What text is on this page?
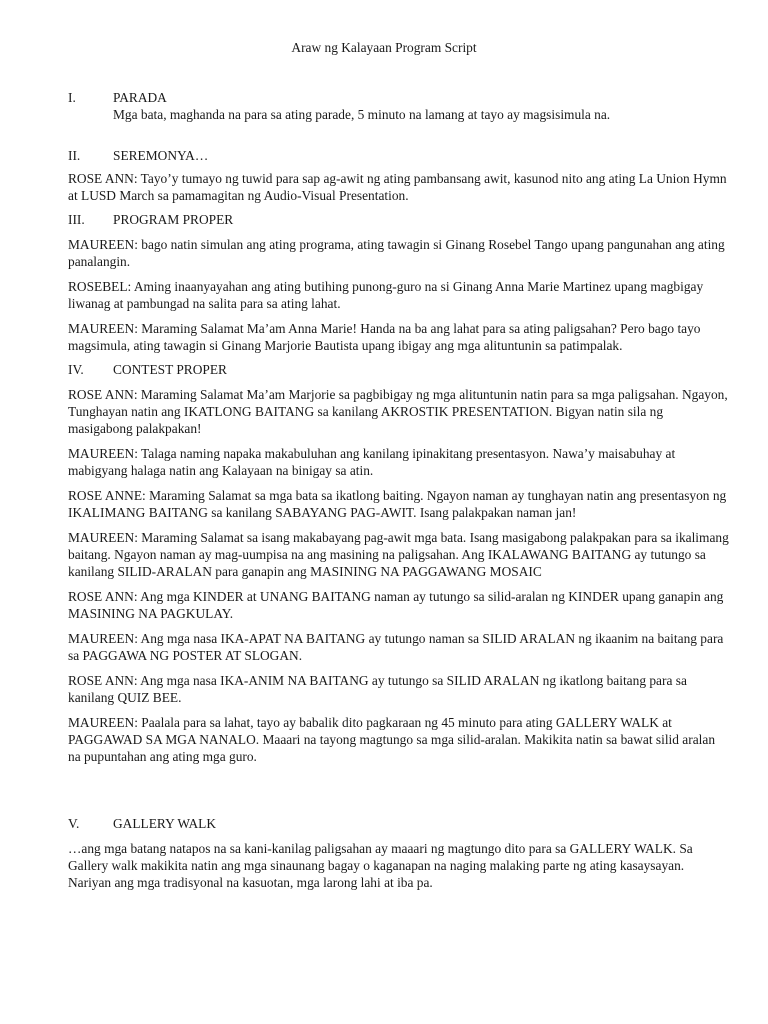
Araw ng Kalayaan Program Script
I.	PARADA
Mga bata, maghanda na para sa ating parade, 5 minuto na lamang at tayo ay magsisimula na.
II. SEREMONYA…
ROSE ANN: Tayo’y tumayo ng tuwid para sap ag-awit ng ating pambansang awit, kasunod nito ang ating La Union Hymn at LUSD March sa pamamagitan ng Audio-Visual Presentation.
III. PROGRAM PROPER
MAUREEN: bago natin simulan ang ating programa, ating tawagin si Ginang Rosebel Tango upang pangunahan ang ating panalangin.
ROSEBEL: Aming inaanyayahan ang ating butihing punong-guro na si Ginang Anna Marie Martinez upang magbigay liwanag at pambungad na salita para sa ating lahat.
MAUREEN: Maraming Salamat Ma’am Anna Marie! Handa na ba ang lahat para sa ating paligsahan? Pero bago tayo magsimula, ating tawagin si Ginang Marjorie Bautista upang ibigay ang mga alituntunin sa patimpalak.
IV. CONTEST PROPER
ROSE ANN: Maraming Salamat Ma’am Marjorie sa pagbibigay ng mga alituntunin natin para sa mga paligsahan. Ngayon, Tunghayan natin ang IKATLONG BAITANG sa kanilang AKROSTIK PRESENTATION. Bigyan natin sila ng masigabong palakpakan!
MAUREEN: Talaga naming napaka makabuluhan ang kanilang ipinakitang presentasyon. Nawa’y maisabuhay at mabigyang halaga natin ang Kalayaan na binigay sa atin.
ROSE ANNE: Maraming Salamat sa mga bata sa ikatlong baiting. Ngayon naman ay tunghayan natin ang presentasyon ng IKALIMANG BAITANG sa kanilang SABAYANG PAG-AWIT. Isang palakpakan naman jan!
MAUREEN: Maraming Salamat sa isang makabayang pag-awit mga bata. Isang masigabong palakpakan para sa ikalimang baitang. Ngayon naman ay mag-uumpisa na ang masining na paligsahan. Ang IKALAWANG BAITANG ay tutungo sa kanilang SILID-ARALAN para ganapin ang MASINING NA PAGGAWANG MOSAIC
ROSE ANN: Ang mga KINDER at UNANG BAITANG naman ay tutungo sa silid-aralan ng KINDER upang ganapin ang MASINING NA PAGKULAY.
MAUREEN: Ang mga nasa IKA-APAT NA BAITANG ay tutungo naman sa SILID ARALAN ng ikaanim na baitang para sa PAGGAWA NG POSTER AT SLOGAN.
ROSE ANN: Ang mga nasa IKA-ANIM NA BAITANG ay tutungo sa SILID ARALAN ng ikatlong baitang para sa kanilang QUIZ BEE.
MAUREEN: Paalala para sa lahat, tayo ay babalik dito pagkaraan ng 45 minuto para ating GALLERY WALK at PAGGAWAD SA MGA NANALO. Maaari na tayong magtungo sa mga silid-aralan. Makikita natin sa bawat silid aralan na pupuntahan ang ating mga guro.
V.	GALLERY WALK
…ang mga batang natapos na sa kani-kanilag paligsahan ay maaari ng magtungo dito para sa GALLERY WALK. Sa Gallery walk makikita natin ang mga sinaunang bagay o kaganapan na naging malaking parte ng ating kasaysayan. Nariyan ang mga tradisyonal na kasuotan, mga larong lahi at iba pa.
